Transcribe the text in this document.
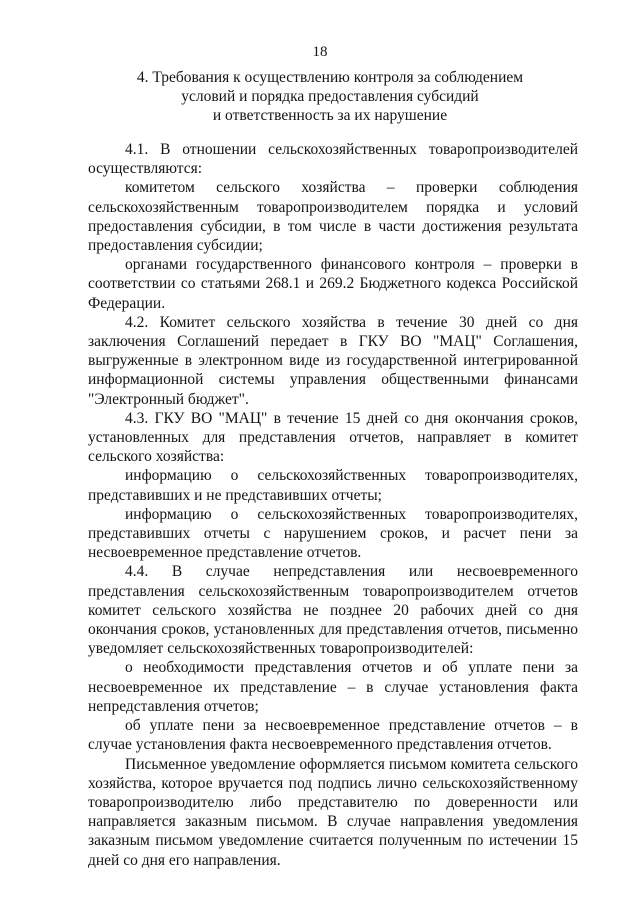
18
4. Требования к осуществлению контроля за соблюдением
условий и порядка предоставления субсидий
и ответственность за их нарушение

4.1. В отношении сельскохозяйственных товаропроизводителей осуществляются:

комитетом сельского хозяйства – проверки соблюдения сельскохозяйственным товаропроизводителем порядка и условий предоставления субсидии, в том числе в части достижения результата предоставления субсидии;

органами государственного финансового контроля – проверки в соответствии со статьями 268.1 и 269.2 Бюджетного кодекса Российской Федерации.

4.2. Комитет сельского хозяйства в течение 30 дней со дня заключения Соглашений передает в ГКУ ВО "МАЦ" Соглашения, выгруженные в электронном виде из государственной интегрированной информационной системы управления общественными финансами "Электронный бюджет".

4.3. ГКУ ВО "МАЦ" в течение 15 дней со дня окончания сроков, установленных для представления отчетов, направляет в комитет сельского хозяйства:

информацию о сельскохозяйственных товаропроизводителях, представивших и не представивших отчеты;

информацию о сельскохозяйственных товаропроизводителях, представивших отчеты с нарушением сроков, и расчет пени за несвоевременное представление отчетов.

4.4. В случае непредставления или несвоевременного представления сельскохозяйственным товаропроизводителем отчетов комитет сельского хозяйства не позднее 20 рабочих дней со дня окончания сроков, установленных для представления отчетов, письменно уведомляет сельскохозяйственных товаропроизводителей:

о необходимости представления отчетов и об уплате пени за несвоевременное их представление – в случае установления факта непредставления отчетов;

об уплате пени за несвоевременное представление отчетов – в случае установления факта несвоевременного представления отчетов.

Письменное уведомление оформляется письмом комитета сельского хозяйства, которое вручается под подпись лично сельскохозяйственному товаропроизводителю либо представителю по доверенности или направляется заказным письмом. В случае направления уведомления заказным письмом уведомление считается полученным по истечении 15 дней со дня его направления.
